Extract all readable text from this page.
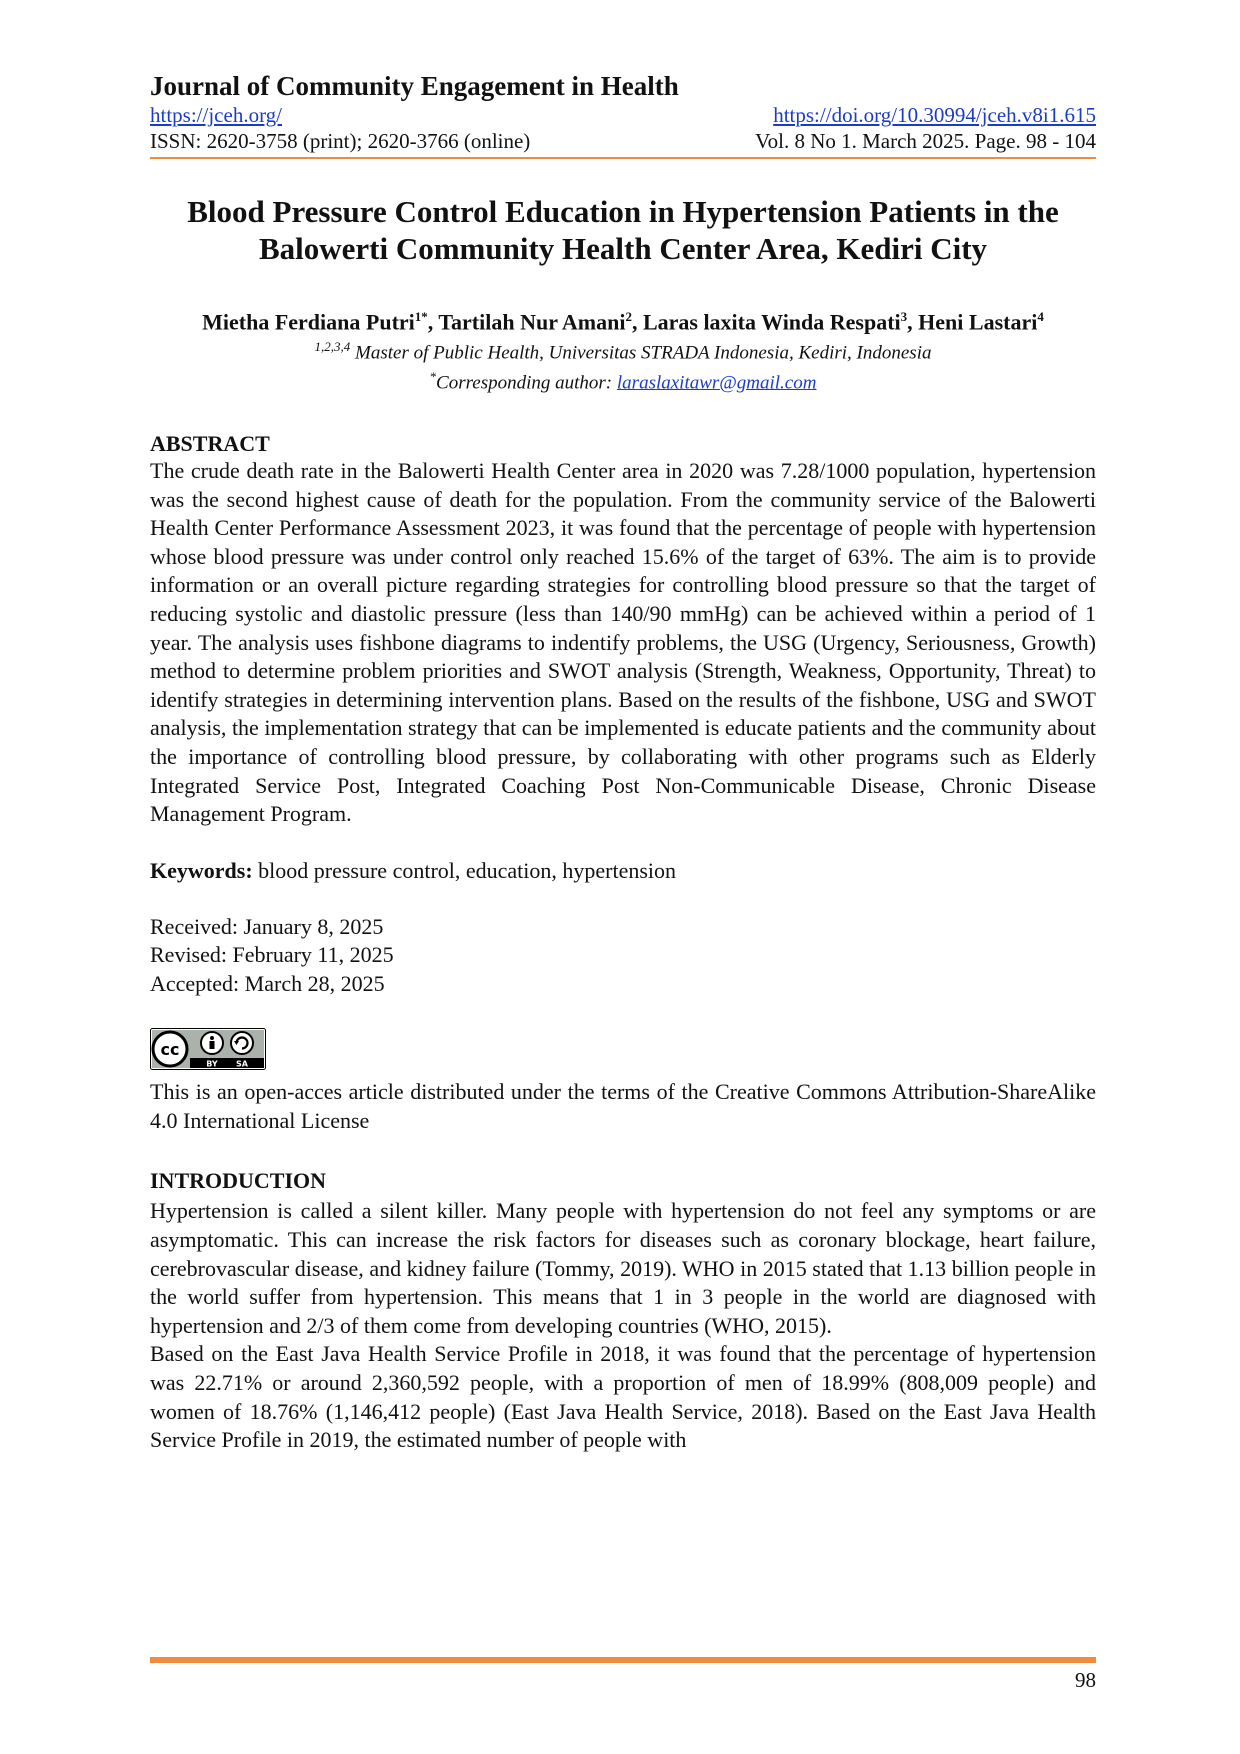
Journal of Community Engagement in Health

https://jceh.org/	https://doi.org/10.30994/jceh.v8i1.615
ISSN: 2620-3758 (print); 2620-3766 (online)	Vol. 8 No 1. March 2025. Page. 98 - 104
Blood Pressure Control Education in Hypertension Patients in the
Balowerti Community Health Center Area, Kediri City
Mietha Ferdiana Putri$^{1*}$, Tartilah Nur Amani$^2$, Laras laxita Winda Respati$^3$, Heni Lastari$^4$
$^{1,2,3,4}$ Master of Public Health, Universitas STRADA Indonesia, Kediri, Indonesia
*Corresponding author: laraslaxitawr@gmail.com
ABSTRACT

The crude death rate in the Balowerti Health Center area in 2020 was 7.28/1000 population, hypertension was the second highest cause of death for the population. From the community service of the Balowerti Health Center Performance Assessment 2023, it was found that the percentage of people with hypertension whose blood pressure was under control only reached 15.6% of the target of 63%. The aim is to provide information or an overall picture regarding strategies for controlling blood pressure so that the target of reducing systolic and diastolic pressure (less than 140/90 mmHg) can be achieved within a period of 1 year. The analysis uses fishbone diagrams to indentify problems, the USG (Urgency, Seriousness, Growth) method to determine problem priorities and SWOT analysis (Strength, Weakness, Opportunity, Threat) to identify strategies in determining intervention plans. Based on the results of the fishbone, USG and SWOT analysis, the implementation strategy that can be implemented is educate patients and the community about the importance of controlling blood pressure, by collaborating with other programs such as Elderly Integrated Service Post, Integrated Coaching Post Non-Communicable Disease, Chronic Disease Management Program.

Keywords: blood pressure control, education, hypertension
Received: January 8, 2025
Revised: February 11, 2025
Accepted: March 28, 2025
cc
BY SA

This is an open-acces article distributed under the terms of the Creative Commons Attribution-ShareAlike 4.0 International License

INTRODUCTION

Hypertension is called a silent killer. Many people with hypertension do not feel any symptoms or are asymptomatic. This can increase the risk factors for diseases such as coronary blockage, heart failure, cerebrovascular disease, and kidney failure (Tommy, 2019). WHO in 2015 stated that 1.13 billion people in the world suffer from hypertension. This means that 1 in 3 people in the world are diagnosed with hypertension and 2/3 of them come from developing countries (WHO, 2015).

Based on the East Java Health Service Profile in 2018, it was found that the percentage of hypertension was 22.71% or around 2,360,592 people, with a proportion of men of 18.99% (808,009 people) and women of 18.76% (1,146,412 people) (East Java Health Service, 2018). Based on the East Java Health Service Profile in 2019, the estimated number of people with

98
